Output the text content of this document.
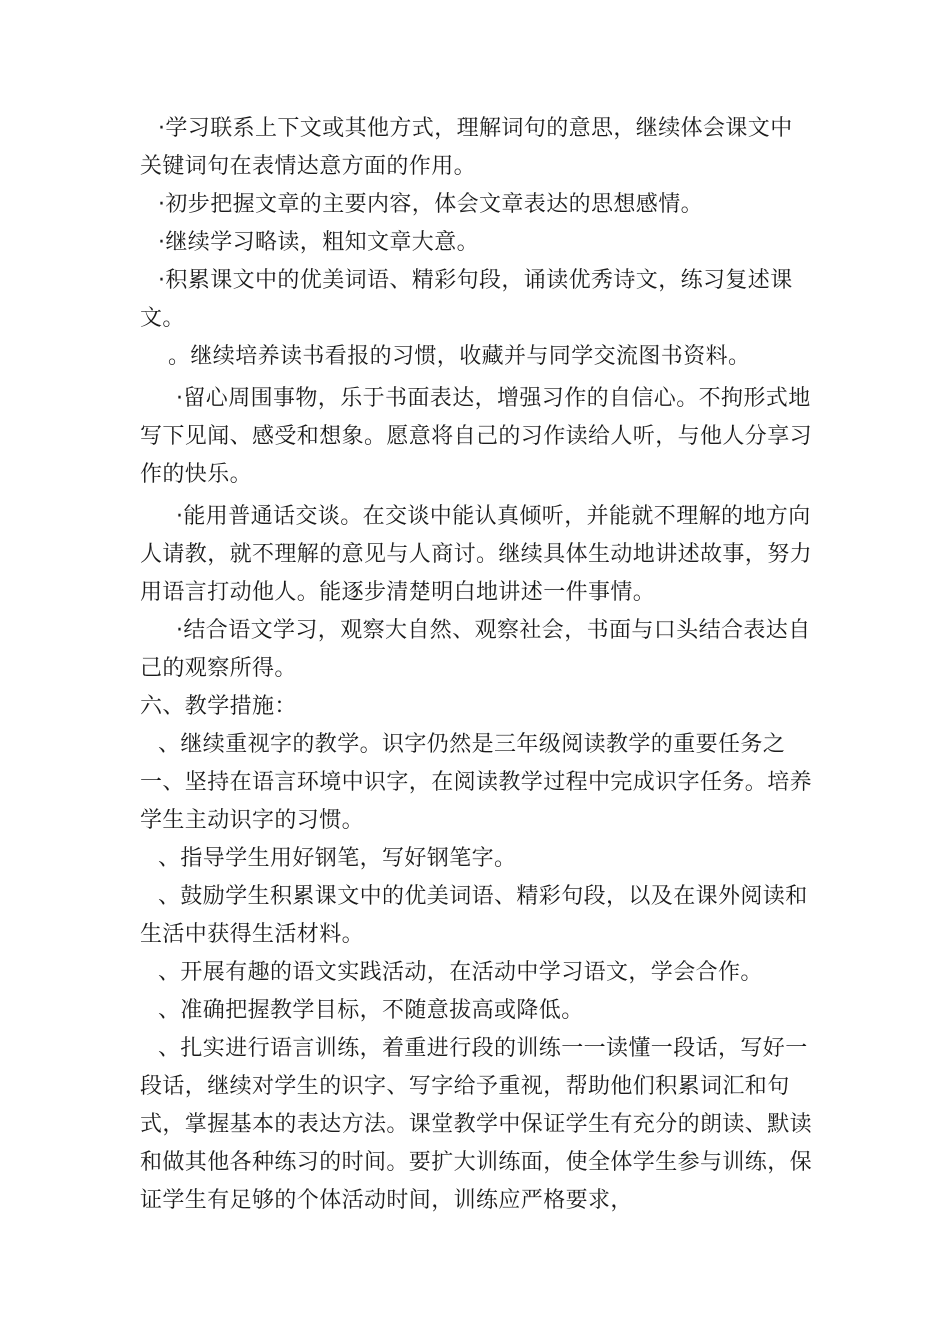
·学习联系上下文或其他方式，理解词句的意思，继续体会课文中关键词句在表情达意方面的作用。

·初步把握文章的主要内容，体会文章表达的思想感情。

·继续学习略读，粗知文章大意。

·积累课文中的优美词语、精彩句段，诵读优秀诗文，练习复述课文。

。继续培养读书看报的习惯，收藏并与同学交流图书资料。

·留心周围事物，乐于书面表达，增强习作的自信心。不拘形式地写下见闻、感受和想象。愿意将自己的习作读给人听，与他人分享习作的快乐。

·能用普通话交谈。在交谈中能认真倾听，并能就不理解的地方向人请教，就不理解的意见与人商讨。继续具体生动地讲述故事，努力用语言打动他人。能逐步清楚明白地讲述一件事情。

·结合语文学习，观察大自然、观察社会，书面与口头结合表达自己的观察所得。

六、教学措施：

、继续重视字的教学。识字仍然是三年级阅读教学的重要任务之一、坚持在语言环境中识字，在阅读教学过程中完成识字任务。培养学生主动识字的习惯。

、指导学生用好钢笔，写好钢笔字。

、鼓励学生积累课文中的优美词语、精彩句段，以及在课外阅读和生活中获得生活材料。

、开展有趣的语文实践活动，在活动中学习语文，学会合作。

、准确把握教学目标，不随意拔高或降低。

、扎实进行语言训练，着重进行段的训练一一读懂一段话，写好一段话，继续对学生的识字、写字给予重视，帮助他们积累词汇和句式，掌握基本的表达方法。课堂教学中保证学生有充分的朗读、默读和做其他各种练习的时间。要扩大训练面，使全体学生参与训练，保证学生有足够的个体活动时间，训练应严格要求，
